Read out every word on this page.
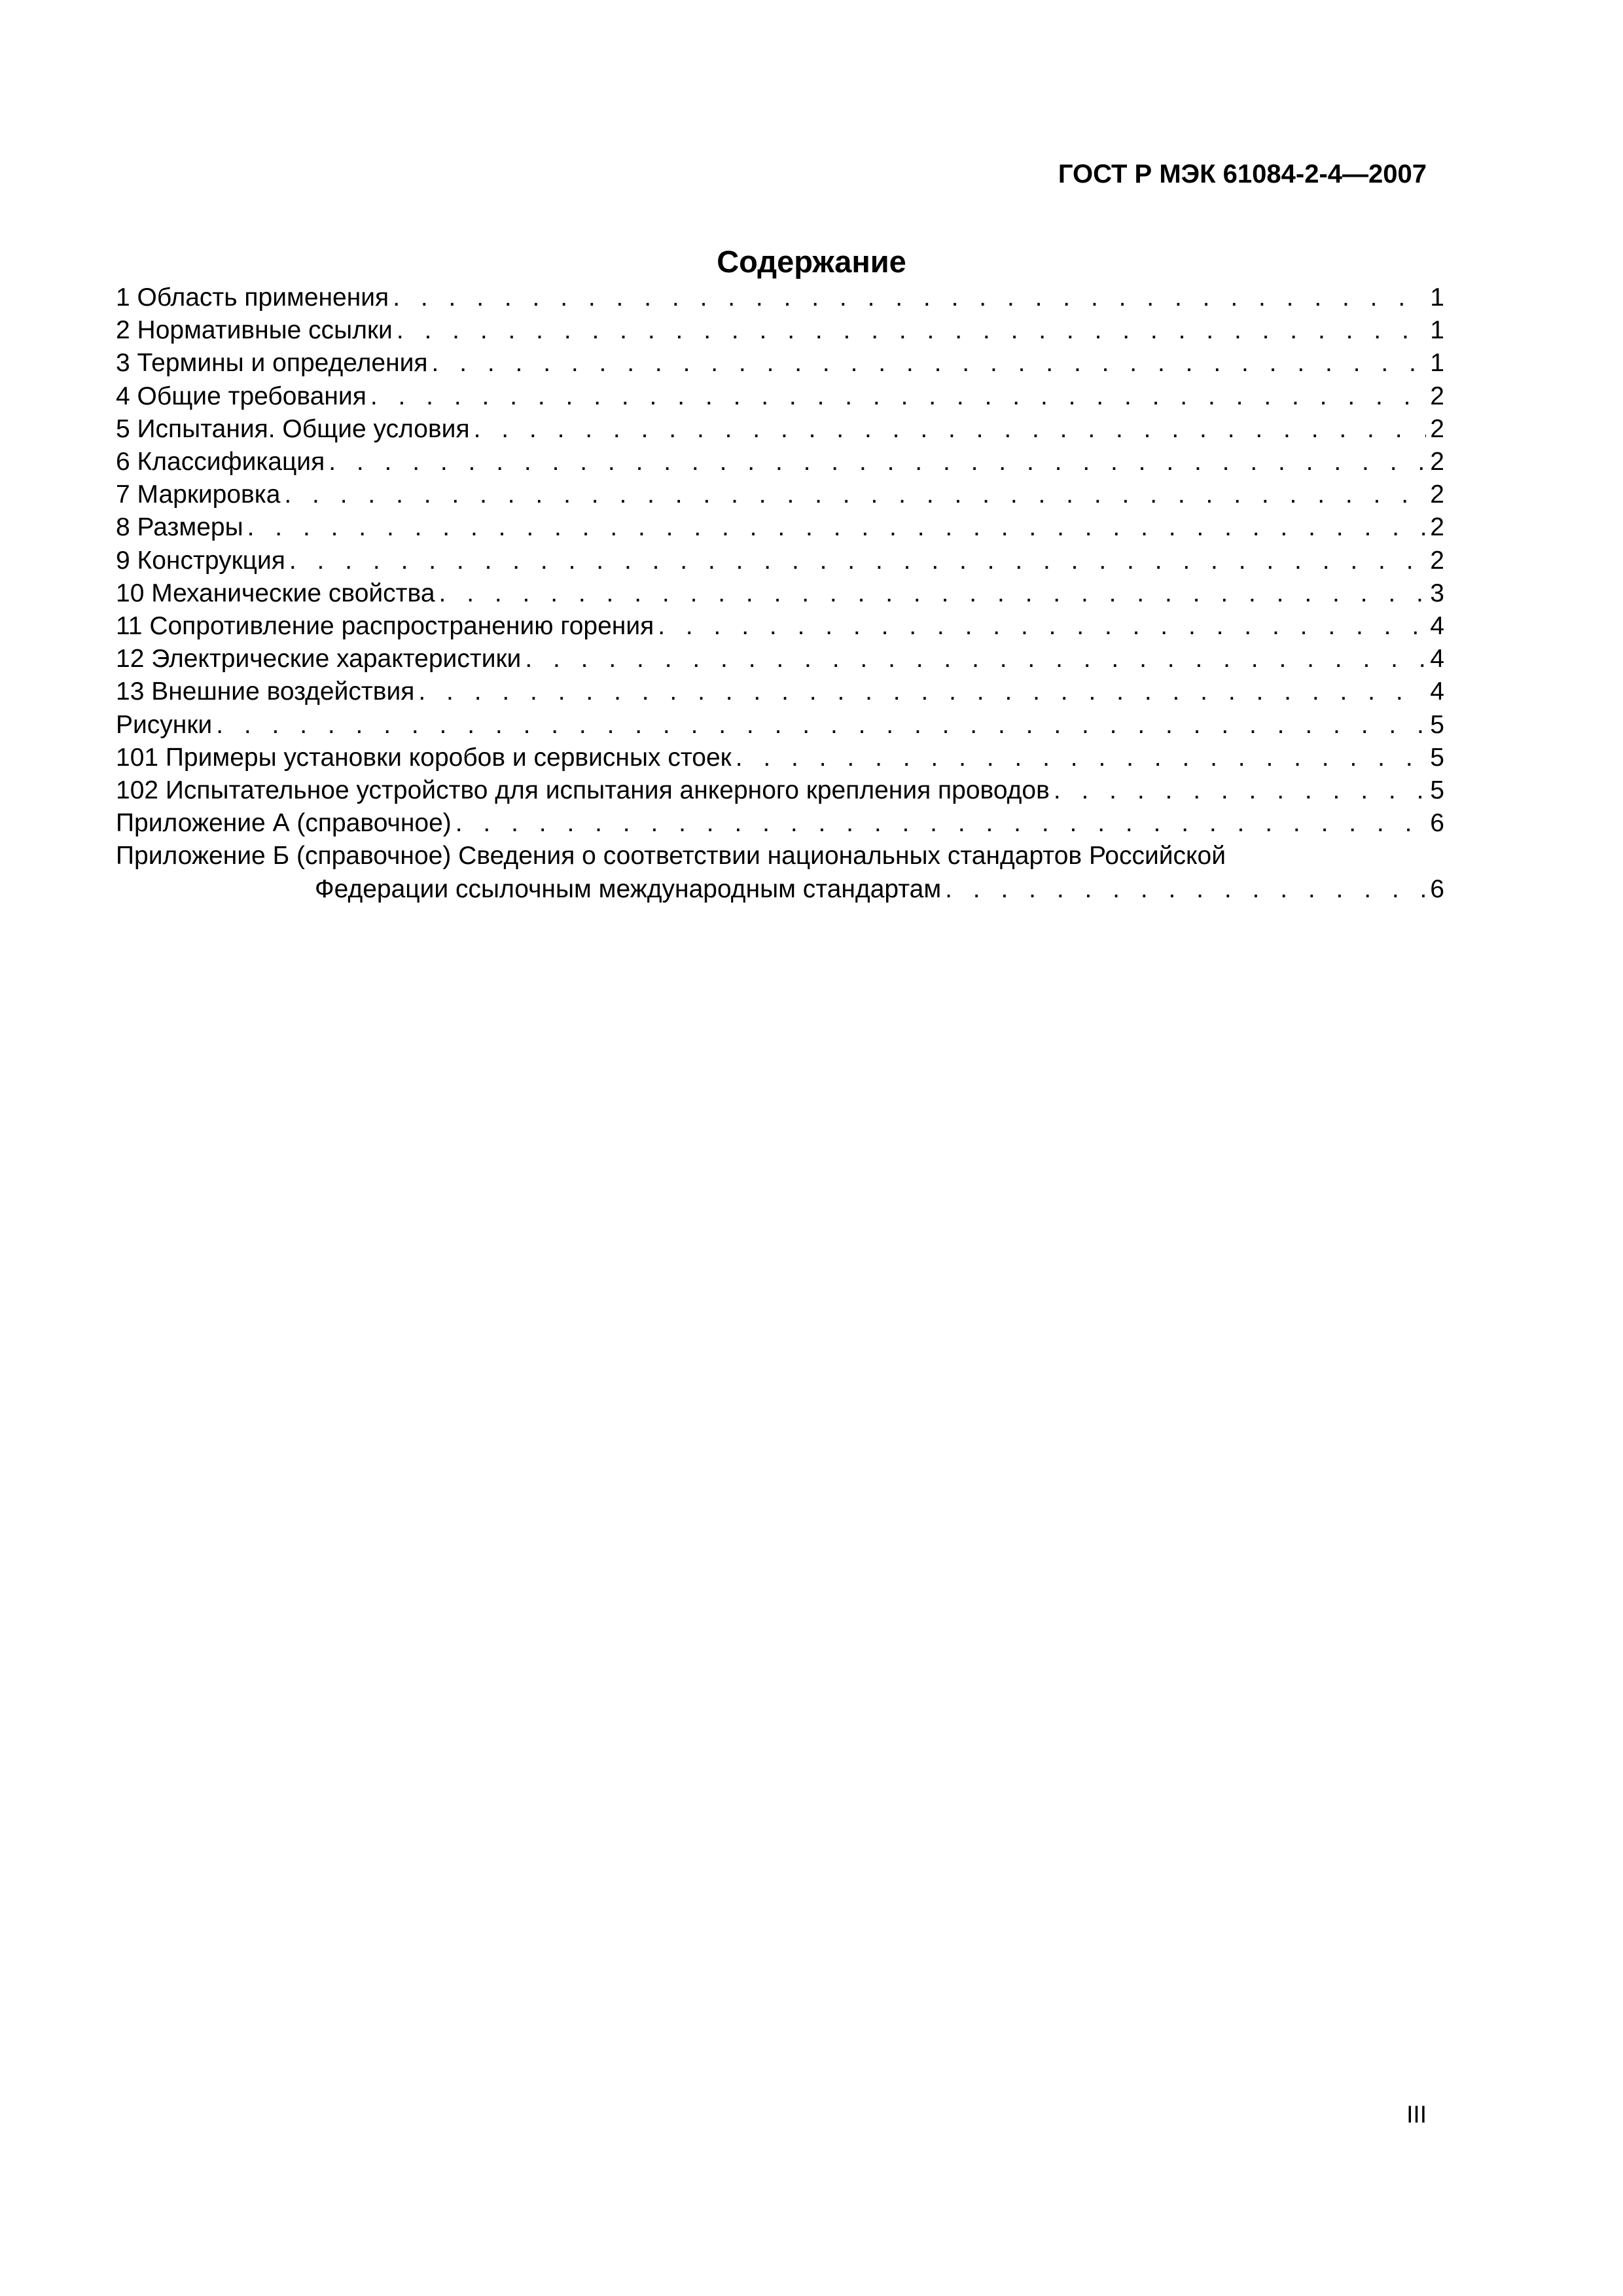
ГОСТ Р МЭК 61084-2-4—2007
Содержание
1 Область применения . . .	1
2 Нормативные ссылки . . .	1
3 Термины и определения . . .	1
4 Общие требования . . .	2
5 Испытания. Общие условия . . .	2
6 Классификация . . .	2
7 Маркировка . . .	2
8 Размеры . . .	2
9 Конструкция . . .	2
10 Механические свойства . . .	3
11 Сопротивление распространению горения . . .	4
12 Электрические характеристики . . .	4
13 Внешние воздействия . . .	4
Рисунки . . .	5
101 Примеры установки коробов и сервисных стоек . . .	5
102 Испытательное устройство для испытания анкерного крепления проводов . . .	5
Приложение А (справочное) . . .	6
Приложение Б (справочное) Сведения о соответствии национальных стандартов Российской
Федерации ссылочным международным стандартам . . .	6
III
